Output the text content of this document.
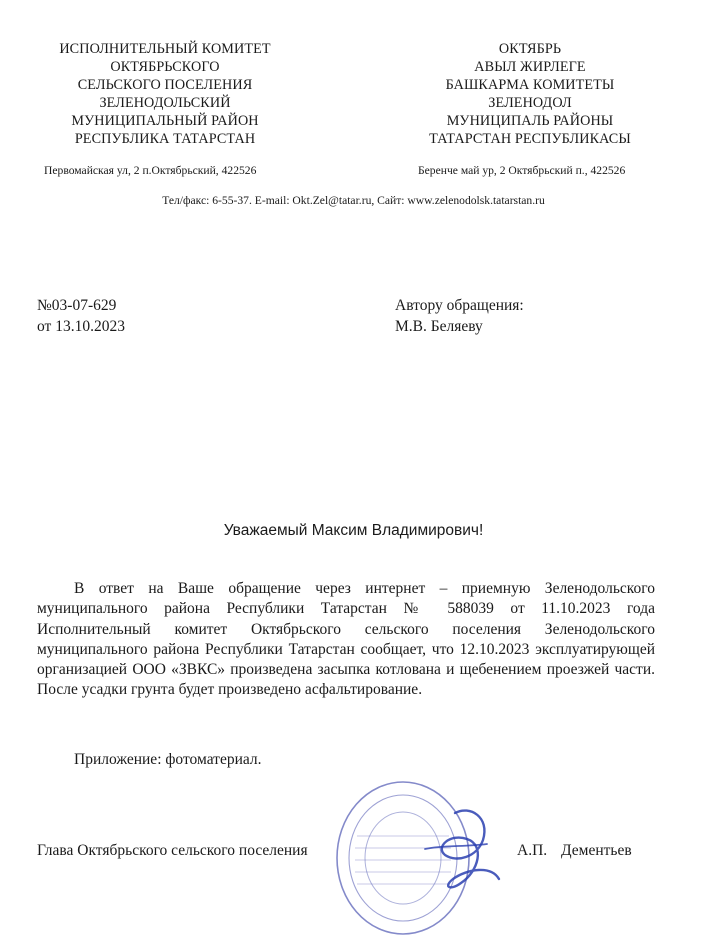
ИСПОЛНИТЕЛЬНЫЙ КОМИТЕТ
ОКТЯБРЬСКОГО
СЕЛЬСКОГО ПОСЕЛЕНИЯ
ЗЕЛЕНОДОЛЬСКИЙ
МУНИЦИПАЛЬНЫЙ РАЙОН
РЕСПУБЛИКА ТАТАРСТАН
ОКТЯБРЬ
АВЫЛ ЖИРЛЕГЕ
БАШКАРМА КОМИТЕТЫ
ЗЕЛЕНОДОЛ
МУНИЦИПАЛЬ РАЙОНЫ
ТАТАРСТАН РЕСПУБЛИКАСЫ
Первомайская ул, 2 п.Октябрьский, 422526	Беренче май ур, 2 Октябрьский п., 422526
Тел/факс: 6-55-37. E-mail: Okt.Zel@tatar.ru, Сайт: www.zelenodolsk.tatarstan.ru
№03-07-629
от 13.10.2023
Автору обращения:
М.В. Беляеву
Уважаемый Максим Владимирович!
В ответ на Ваше обращение через интернет – приемную Зеленодольского муниципального района Республики Татарстан № 588039 от 11.10.2023 года Исполнительный комитет Октябрьского сельского поселения Зеленодольского муниципального района Республики Татарстан сообщает, что 12.10.2023 эксплуатирующей организацией ООО «ЗВКС» произведена засыпка котлована и щебенением проезжей части. После усадки грунта будет произведено асфальтирование.
Приложение: фотоматериал.
Глава Октябрьского сельского поселения	А.П. Дементьев
